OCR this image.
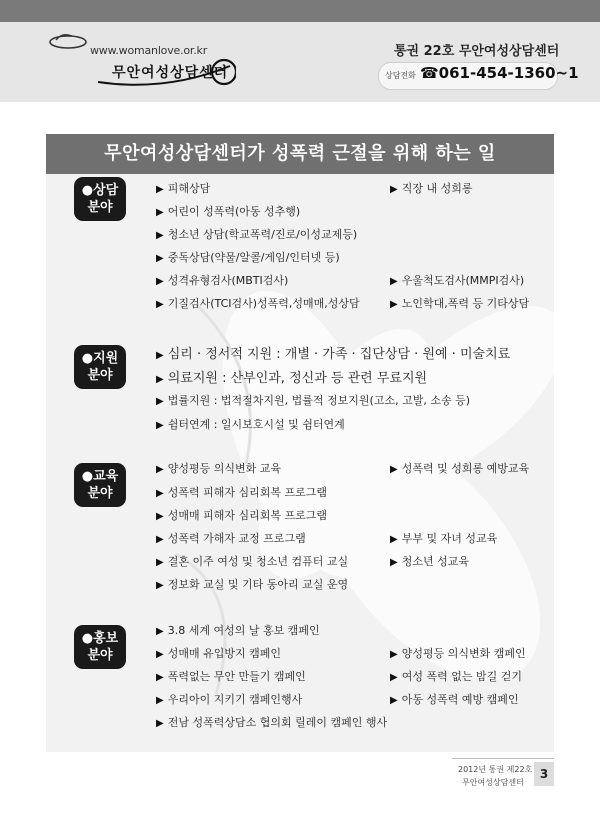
www.womanlove.or.kr
무안여성상담센터
통권 22호 무안여성상담센터
상담전화 ☎061-454-1360~1
무안여성상담센터가 성폭력 근절을 위해 하는 일
●상담
분야
▶ 피해상담	▶ 직장 내 성희롱
▶ 어린이 성폭력(아동 성추행)
▶ 청소년 상담(학교폭력/진로/이성교제등)
▶ 중독상담(약물/알콜/게임/인터넷 등)
▶ 성격유형검사(MBTI검사)	▶ 우울척도검사(MMPI검사)
▶ 기질검사(TCI검사)성폭력,성매매,성상담	▶ 노인학대,폭력 등 기타상담
●지원
분야
▶ 심리 · 정서적 지원 : 개별 · 가족 · 집단상담 · 원예 · 미술치료
▶ 의료지원 : 산부인과, 정신과 등 관련 무료지원
▶ 법률지원 : 법적절차지원, 법률적 정보지원(고소, 고발, 소송 등)
▶ 쉼터연계 : 일시보호시설 및 쉼터연계
●교육
분야
▶ 양성평등 의식변화 교육	▶ 성폭력 및 성희롱 예방교육
▶ 성폭력 피해자 심리회복 프로그램
▶ 성매매 피해자 심리회복 프로그램
▶ 성폭력 가해자 교정 프로그램	▶ 부부 및 자녀 성교육
▶ 결혼 이주 여성 및 청소년 컴퓨터 교실	▶ 청소년 성교육
▶ 정보화 교실 및 기타 동아리 교실 운영
●홍보
분야
▶ 3.8 세계 여성의 날 홍보 캠페인
▶ 성매매 유입방지 캠페인	▶ 양성평등 의식변화 캠페인
▶ 폭력없는 무안 만들기 캠페인	▶ 여성 폭력 없는 밤길 걷기
▶ 우리아이 지키기 캠페인행사	▶ 아동 성폭력 예방 캠페인
▶ 전남 성폭력상담소 협의회 릴레이 캠페인 행사
2012년 통권 제22호
무안여성상담센터
3
